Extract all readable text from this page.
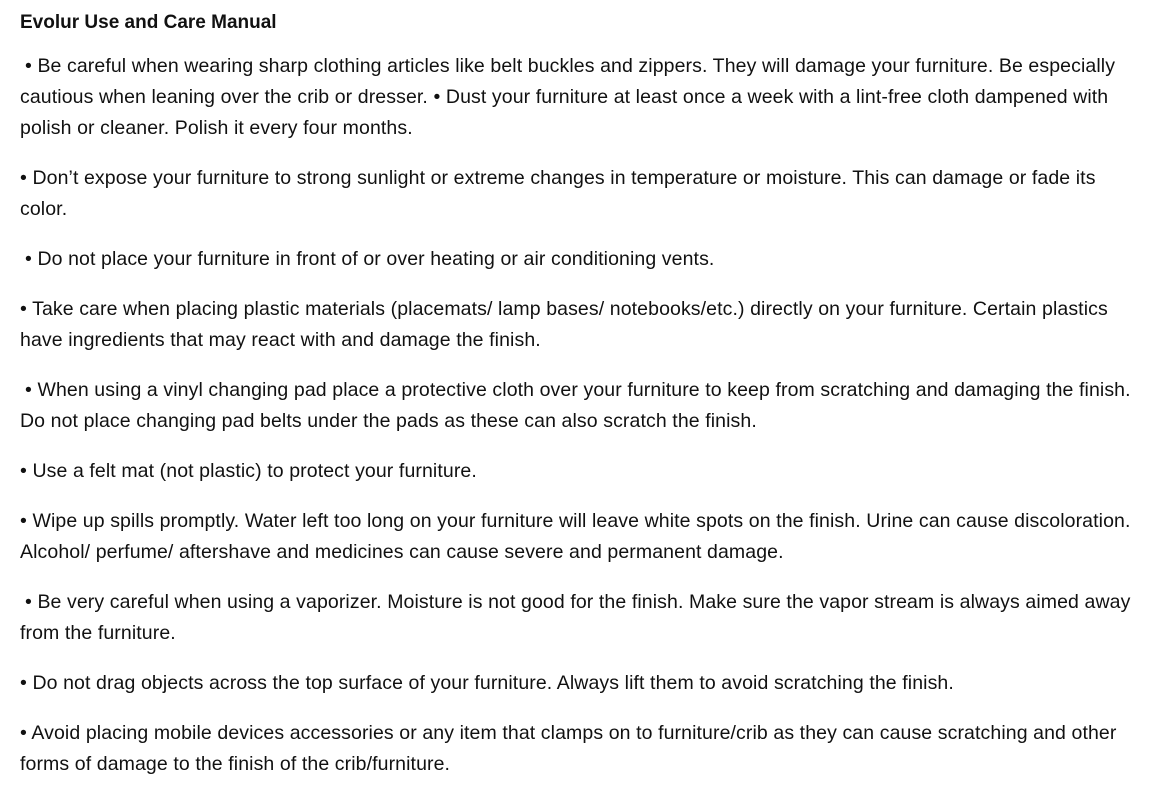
Evolur Use and Care Manual

• Be careful when wearing sharp clothing articles like belt buckles and zippers. They will damage your furniture. Be especially cautious when leaning over the crib or dresser. • Dust your furniture at least once a week with a lint-free cloth dampened with polish or cleaner. Polish it every four months.

• Don’t expose your furniture to strong sunlight or extreme changes in temperature or moisture. This can damage or fade its color.

• Do not place your furniture in front of or over heating or air conditioning vents.

• Take care when placing plastic materials (placemats/ lamp bases/ notebooks/etc.) directly on your furniture. Certain plastics have ingredients that may react with and damage the finish.

• When using a vinyl changing pad place a protective cloth over your furniture to keep from scratching and damaging the finish. Do not place changing pad belts under the pads as these can also scratch the finish.

• Use a felt mat (not plastic) to protect your furniture.

• Wipe up spills promptly. Water left too long on your furniture will leave white spots on the finish. Urine can cause discoloration. Alcohol/ perfume/ aftershave and medicines can cause severe and permanent damage.

• Be very careful when using a vaporizer. Moisture is not good for the finish. Make sure the vapor stream is always aimed away from the furniture.

• Do not drag objects across the top surface of your furniture. Always lift them to avoid scratching the finish.

• Avoid placing mobile devices accessories or any item that clamps on to furniture/crib as they can cause scratching and other forms of damage to the finish of the crib/furniture.
